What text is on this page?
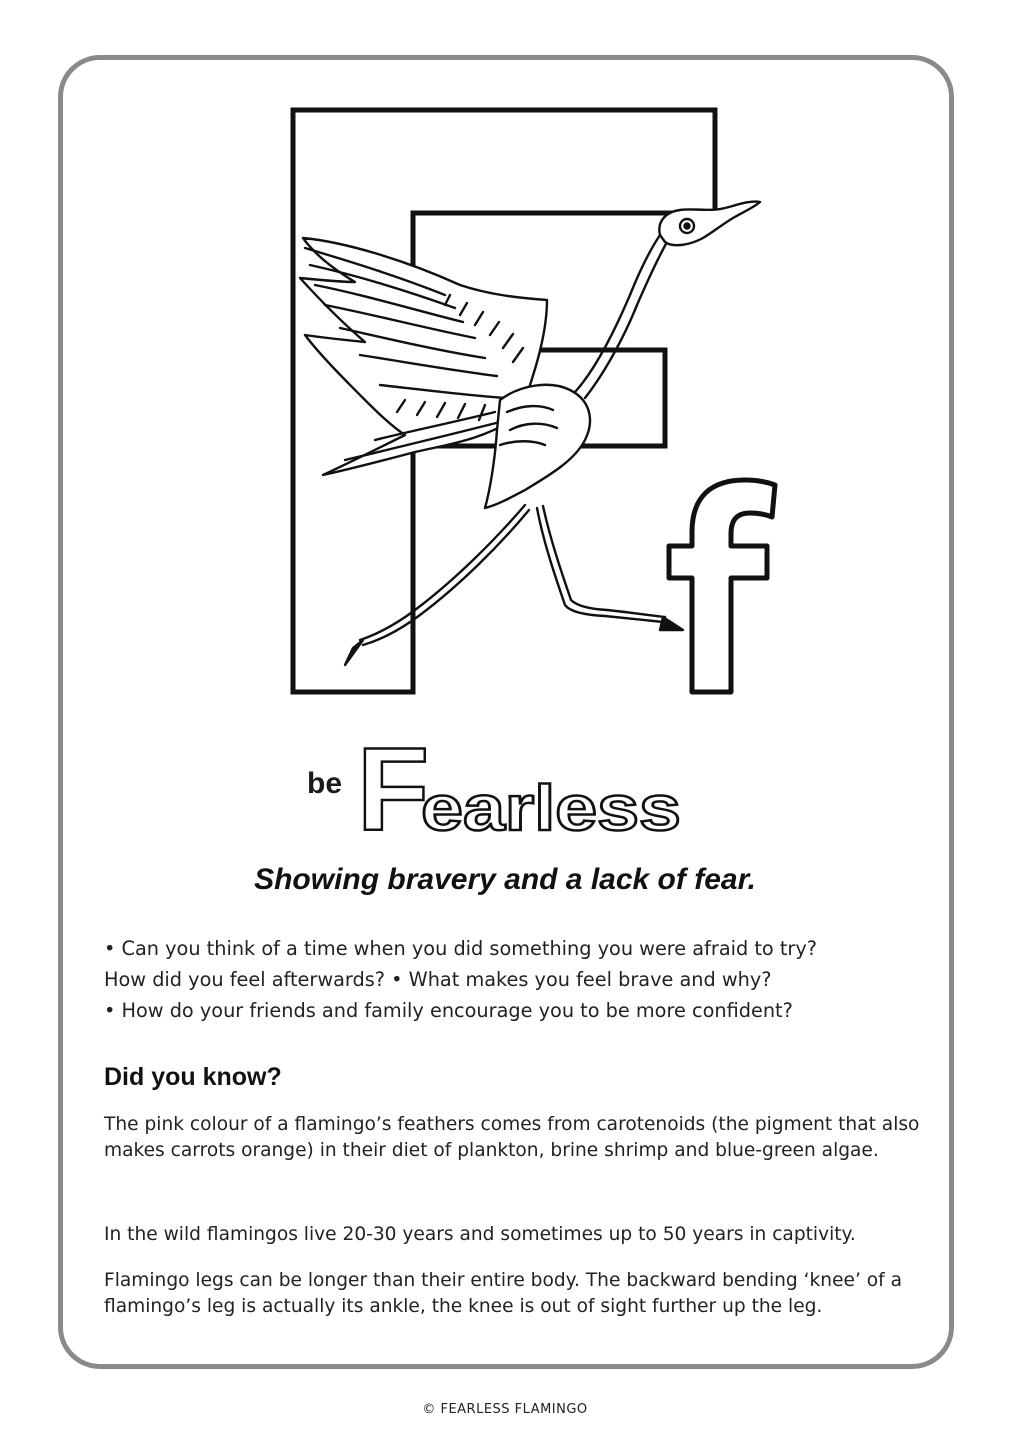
be F
earless
Showing bravery and a lack of fear.

• Can you think of a time when you did something you were afraid to try?

How did you feel afterwards? • What makes you feel brave and why?

• How do your friends and family encourage you to be more confident?

Did you know?

The pink colour of a flamingo’s feathers comes from carotenoids (the pigment that also makes carrots orange) in their diet of plankton, brine shrimp and blue-green algae.

In the wild flamingos live 20-30 years and sometimes up to 50 years in captivity.

Flamingo legs can be longer than their entire body. The backward bending ‘knee’ of a flamingo’s leg is actually its ankle, the knee is out of sight further up the leg.

© FEARLESS FLAMINGO
